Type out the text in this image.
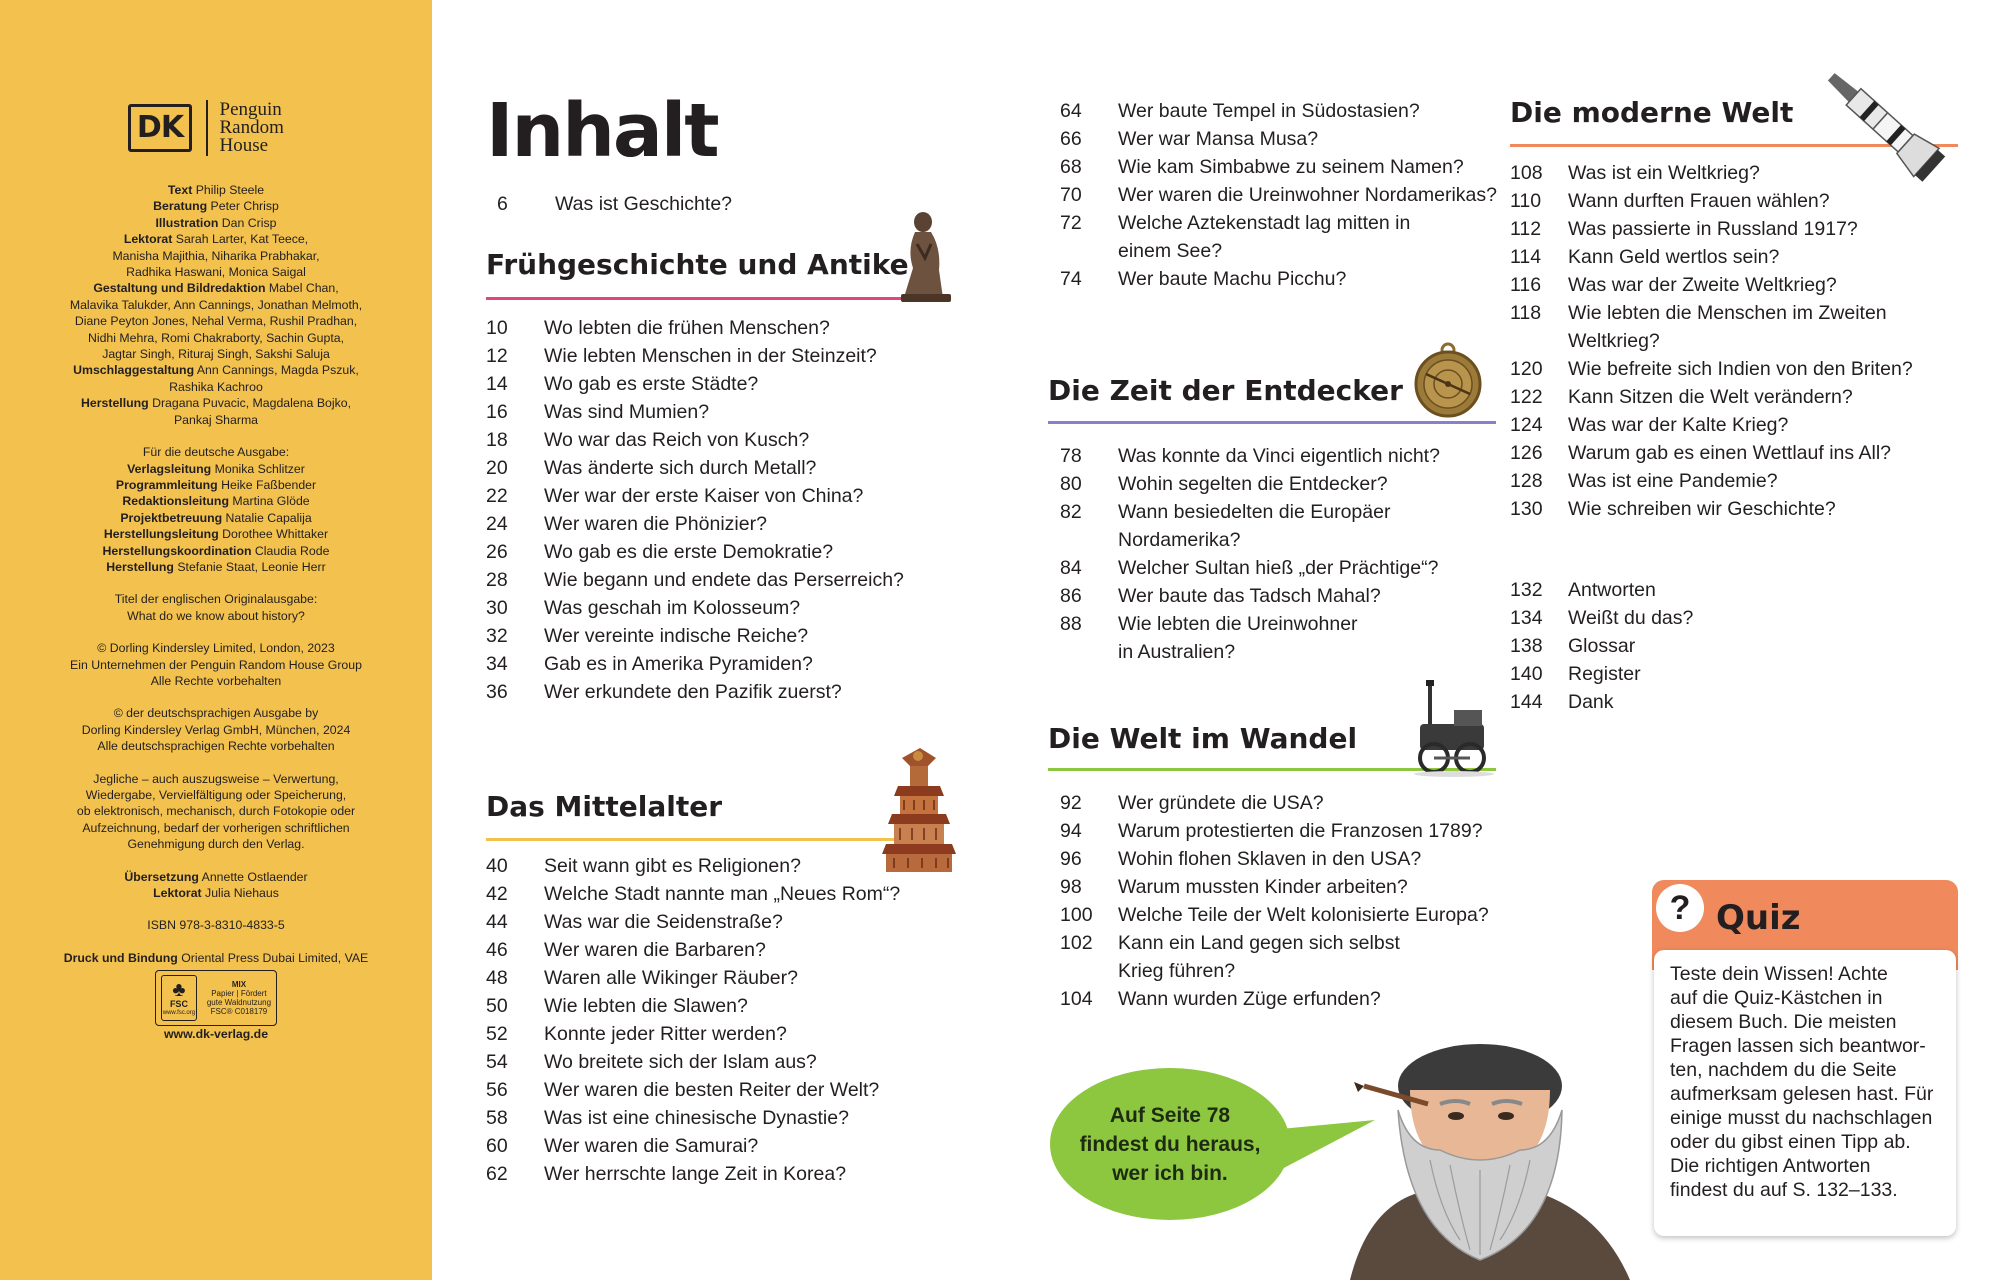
DK
Penguin
Random
House

Text Philip Steele

Beratung Peter Chrisp

Illustration Dan Crisp

Lektorat Sarah Larter, Kat Teece,

Manisha Majithia, Niharika Prabhakar,

Radhika Haswani, Monica Saigal

Gestaltung und Bildredaktion Mabel Chan,

Malavika Talukder, Ann Cannings, Jonathan Melmoth,

Diane Peyton Jones, Nehal Verma, Rushil Pradhan,

Nidhi Mehra, Romi Chakraborty, Sachin Gupta,

Jagtar Singh, Rituraj Singh, Sakshi Saluja

Umschlaggestaltung Ann Cannings, Magda Pszuk,

Rashika Kachroo

Herstellung Dragana Puvacic, Magdalena Bojko,

Pankaj Sharma

Für die deutsche Ausgabe:

Verlagsleitung Monika Schlitzer

Programmleitung Heike Faßbender

Redaktionsleitung Martina Glöde

Projektbetreuung Natalie Capalija

Herstellungsleitung Dorothee Whittaker

Herstellungskoordination Claudia Rode

Herstellung Stefanie Staat, Leonie Herr

Titel der englischen Originalausgabe:

What do we know about history?

© Dorling Kindersley Limited, London, 2023

Ein Unternehmen der Penguin Random House Group

Alle Rechte vorbehalten

© der deutschsprachigen Ausgabe by

Dorling Kindersley Verlag GmbH, München, 2024

Alle deutschsprachigen Rechte vorbehalten

Jegliche – auch auszugsweise – Verwertung,

Wiedergabe, Vervielfältigung oder Speicherung,

ob elektronisch, mechanisch, durch Fotokopie oder

Aufzeichnung, bedarf der vorherigen schriftlichen

Genehmigung durch den Verlag.

Übersetzung Annette Ostlaender

Lektorat Julia Niehaus

ISBN 978-3-8310-4833-5

Druck und Bindung Oriental Press Dubai Limited, VAE

♣
FSC
www.fsc.org
MIX
Papier | Fördert
gute Waldnutzung
FSC® C018179

www.dk-verlag.de

Inhalt
6	Was ist Geschichte?
Frühgeschichte und Antike
Das Mittelalter
Die Zeit der Entdecker
Die Welt im Wandel
Die moderne Welt
10	Wo lebten die frühen Menschen?
12	Wie lebten Menschen in der Steinzeit?
14	Wo gab es erste Städte?
16	Was sind Mumien?
18	Wo war das Reich von Kusch?
20	Was änderte sich durch Metall?
22	Wer war der erste Kaiser von China?
24	Wer waren die Phönizier?
26	Wo gab es die erste Demokratie?
28	Wie begann und endete das Perserreich?
30	Was geschah im Kolosseum?
32	Wer vereinte indische Reiche?
34	Gab es in Amerika Pyramiden?
36	Wer erkundete den Pazifik zuerst?
40	Seit wann gibt es Religionen?
42	Welche Stadt nannte man „Neues Rom“?
44	Was war die Seidenstraße?
46	Wer waren die Barbaren?
48	Waren alle Wikinger Räuber?
50	Wie lebten die Slawen?
52	Konnte jeder Ritter werden?
54	Wo breitete sich der Islam aus?
56	Wer waren die besten Reiter der Welt?
58	Was ist eine chinesische Dynastie?
60	Wer waren die Samurai?
62	Wer herrschte lange Zeit in Korea?
64	Wer baute Tempel in Südostasien?
66	Wer war Mansa Musa?
68	Wie kam Simbabwe zu seinem Namen?
70	Wer waren die Ureinwohner Nordamerikas?
72	Welche Aztekenstadt lag mitten in
einem See?
74	Wer baute Machu Picchu?
78	Was konnte da Vinci eigentlich nicht?
80	Wohin segelten die Entdecker?
82	Wann besiedelten die Europäer
Nordamerika?
84	Welcher Sultan hieß „der Prächtige“?
86	Wer baute das Tadsch Mahal?
88	Wie lebten die Ureinwohner
in Australien?
92	Wer gründete die USA?
94	Warum protestierten die Franzosen 1789?
96	Wohin flohen Sklaven in den USA?
98	Warum mussten Kinder arbeiten?
100	Welche Teile der Welt kolonisierte Europa?
102	Kann ein Land gegen sich selbst
Krieg führen?
104	Wann wurden Züge erfunden?
108	Was ist ein Weltkrieg?
110	Wann durften Frauen wählen?
112	Was passierte in Russland 1917?
114	Kann Geld wertlos sein?
116	Was war der Zweite Weltkrieg?
118	Wie lebten die Menschen im Zweiten
Weltkrieg?
120	Wie befreite sich Indien von den Briten?
122	Kann Sitzen die Welt verändern?
124	Was war der Kalte Krieg?
126	Warum gab es einen Wettlauf ins All?
128	Was ist eine Pandemie?
130	Wie schreiben wir Geschichte?
132	Antworten
134	Weißt du das?
138	Glossar
140	Register
144	Dank
Auf Seite 78
findest du heraus,
wer ich bin.
? Quiz
Teste dein Wissen! Achte
auf die Quiz-Kästchen in
diesem Buch. Die meisten
Fragen lassen sich beantwor-
ten, nachdem du die Seite
aufmerksam gelesen hast. Für
einige musst du nachschlagen
oder du gibst einen Tipp ab.
Die richtigen Antworten
findest du auf S. 132–133.
